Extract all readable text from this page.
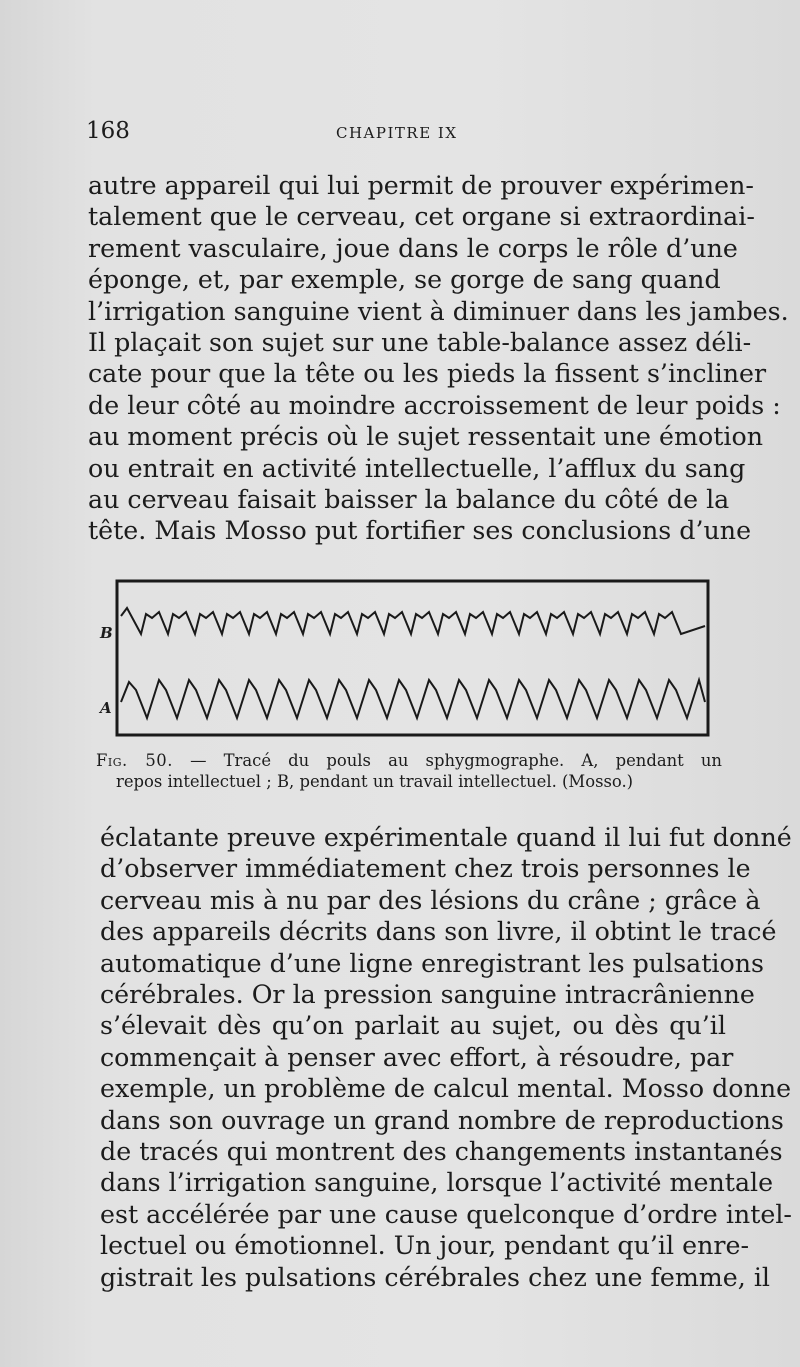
168	CHAPITRE IX

autre appareil qui lui permit de prouver expérimen-
talement que le cerveau, cet organe si extraordinai-
rement vasculaire, joue dans le corps le rôle d’une
éponge, et, par exemple, se gorge de sang quand
l’irrigation sanguine vient à diminuer dans les jambes.
Il plaçait son sujet sur une table-balance assez déli-
cate pour que la tête ou les pieds la fissent s’incliner
de leur côté au moindre accroissement de leur poids :
au moment précis où le sujet ressentait une émotion
ou entrait en activité intellectuelle, l’afflux du sang
au cerveau faisait baisser la balance du côté de la
tête. Mais Mosso put fortifier ses conclusions d’une

B
A
Fig. 50. — Tracé du pouls au sphygmographe. A, pendant un
repos intellectuel ; B, pendant un travail intellectuel. (Mosso.)

éclatante preuve expérimentale quand il lui fut donné
d’observer immédiatement chez trois personnes le
cerveau mis à nu par des lésions du crâne ; grâce à
des appareils décrits dans son livre, il obtint le tracé
automatique d’une ligne enregistrant les pulsations
cérébrales. Or la pression sanguine intracrânienne
s’élevait dès qu’on parlait au sujet, ou dès qu’il
commençait à penser avec effort, à résoudre, par
exemple, un problème de calcul mental. Mosso donne
dans son ouvrage un grand nombre de reproductions
de tracés qui montrent des changements instantanés
dans l’irrigation sanguine, lorsque l’activité mentale
est accélérée par une cause quelconque d’ordre intel-
lectuel ou émotionnel. Un jour, pendant qu’il enre-
gistrait les pulsations cérébrales chez une femme, il
